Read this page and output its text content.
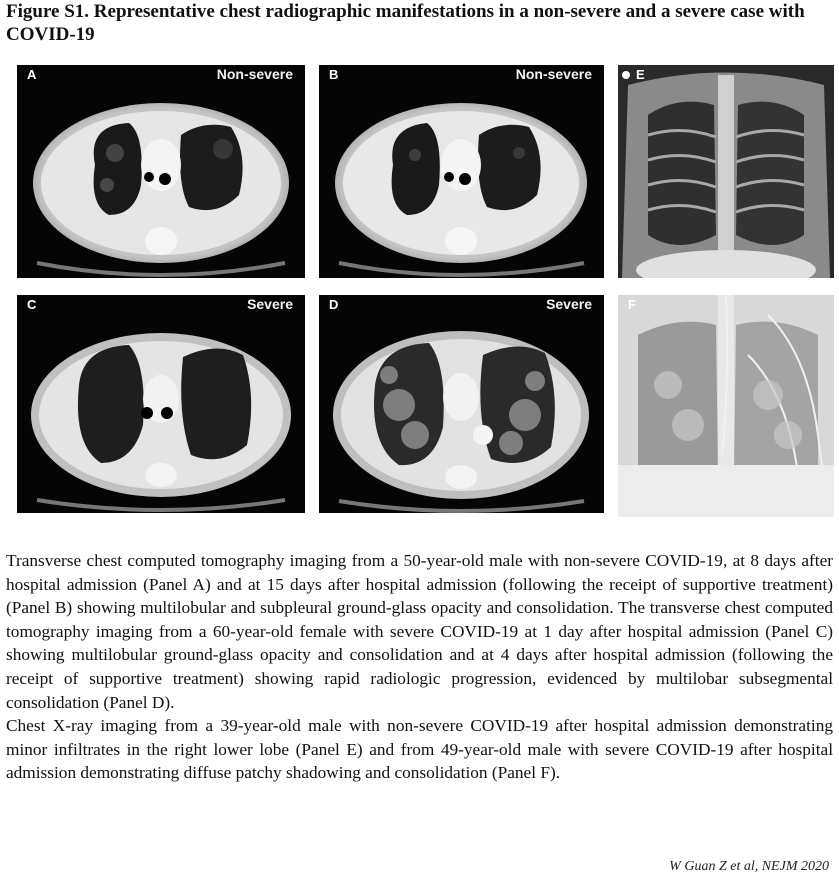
Figure S1. Representative chest radiographic manifestations in a non-severe and a severe case with COVID-19
A	Non-severe	B	Non-severe	E
C	Severe	D	Severe	F

Transverse chest computed tomography imaging from a 50-year-old male with non-severe COVID-19, at 8 days after hospital admission (Panel A) and at 15 days after hospital admission (following the receipt of supportive treatment) (Panel B) showing multilobular and subpleural ground-glass opacity and consolidation. The transverse chest computed tomography imaging from a 60-year-old female with severe COVID-19 at 1 day after hospital admission (Panel C) showing multilobular ground-glass opacity and consolidation and at 4 days after hospital admission (following the receipt of supportive treatment) showing rapid radiologic progression, evidenced by multilobar subsegmental consolidation (Panel D).

Chest X-ray imaging from a 39-year-old male with non-severe COVID-19 after hospital admission demonstrating minor infiltrates in the right lower lobe (Panel E) and from 49-year-old male with severe COVID-19 after hospital admission demonstrating diffuse patchy shadowing and consolidation (Panel F).

W Guan Z et al, NEJM 2020
